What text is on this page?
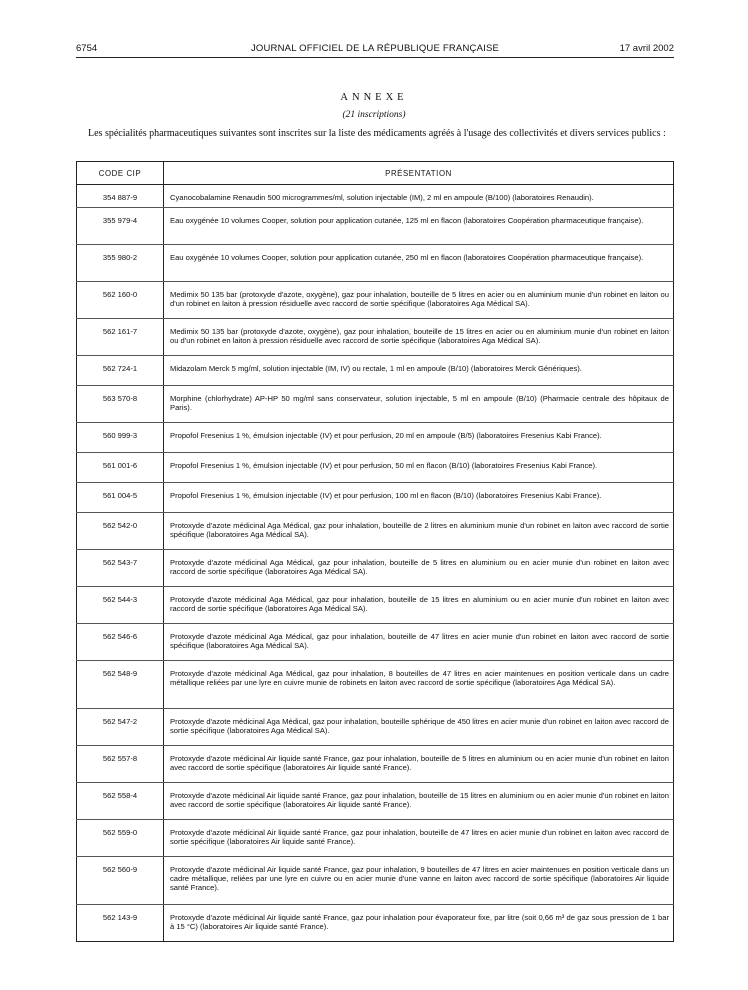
6754	JOURNAL OFFICIEL DE LA RÉPUBLIQUE FRANÇAISE	17 avril 2002
ANNEXE
(21 inscriptions)
Les spécialités pharmaceutiques suivantes sont inscrites sur la liste des médicaments agréés à l'usage des collectivités et divers services publics :
CODE CIP	PRÉSENTATION
354 887-9	Cyanocobalamine Renaudin 500 microgrammes/ml, solution injectable (IM), 2 ml en ampoule (B/100) (laboratoires Renaudin).
355 979-4	Eau oxygénée 10 volumes Cooper, solution pour application cutanée, 125 ml en flacon (laboratoires Coopération pharmaceutique française).
355 980-2	Eau oxygénée 10 volumes Cooper, solution pour application cutanée, 250 ml en flacon (laboratoires Coopération pharmaceutique française).
562 160-0	Medimix 50 135 bar (protoxyde d'azote, oxygène), gaz pour inhalation, bouteille de 5 litres en acier ou en aluminium munie d'un robinet en laiton ou d'un robinet en laiton à pression résiduelle avec raccord de sortie spécifique (laboratoires Aga Médical SA).
562 161-7	Medimix 50 135 bar (protoxyde d'azote, oxygène), gaz pour inhalation, bouteille de 15 litres en acier ou en aluminium munie d'un robinet en laiton ou d'un robinet en laiton à pression résiduelle avec raccord de sortie spécifique (laboratoires Aga Médical SA).
562 724-1	Midazolam Merck 5 mg/ml, solution injectable (IM, IV) ou rectale, 1 ml en ampoule (B/10) (laboratoires Merck Génériques).
563 570-8	Morphine (chlorhydrate) AP-HP 50 mg/ml sans conservateur, solution injectable, 5 ml en ampoule (B/10) (Pharmacie centrale des hôpitaux de Paris).
560 999-3	Propofol Fresenius 1 %, émulsion injectable (IV) et pour perfusion, 20 ml en ampoule (B/5) (laboratoires Fresenius Kabi France).
561 001-6	Propofol Fresenius 1 %, émulsion injectable (IV) et pour perfusion, 50 ml en flacon (B/10) (laboratoires Fresenius Kabi France).
561 004-5	Propofol Fresenius 1 %, émulsion injectable (IV) et pour perfusion, 100 ml en flacon (B/10) (laboratoires Fresenius Kabi France).
562 542-0	Protoxyde d'azote médicinal Aga Médical, gaz pour inhalation, bouteille de 2 litres en aluminium munie d'un robinet en laiton avec raccord de sortie spécifique (laboratoires Aga Médical SA).
562 543-7	Protoxyde d'azote médicinal Aga Médical, gaz pour inhalation, bouteille de 5 litres en aluminium ou en acier munie d'un robinet en laiton avec raccord de sortie spécifique (laboratoires Aga Médical SA).
562 544-3	Protoxyde d'azote médicinal Aga Médical, gaz pour inhalation, bouteille de 15 litres en aluminium ou en acier munie d'un robinet en laiton avec raccord de sortie spécifique (laboratoires Aga Médical SA).
562 546-6	Protoxyde d'azote médicinal Aga Médical, gaz pour inhalation, bouteille de 47 litres en acier munie d'un robinet en laiton avec raccord de sortie spécifique (laboratoires Aga Médical SA).
562 548-9	Protoxyde d'azote médicinal Aga Médical, gaz pour inhalation, 8 bouteilles de 47 litres en acier maintenues en position verticale dans un cadre métallique reliées par une lyre en cuivre munie de robinets en laiton avec raccord de sortie spécifique (laboratoires Aga Médical SA).
562 547-2	Protoxyde d'azote médicinal Aga Médical, gaz pour inhalation, bouteille sphérique de 450 litres en acier munie d'un robinet en laiton avec raccord de sortie spécifique (laboratoires Aga Médical SA).
562 557-8	Protoxyde d'azote médicinal Air liquide santé France, gaz pour inhalation, bouteille de 5 litres en aluminium ou en acier munie d'un robinet en laiton avec raccord de sortie spécifique (laboratoires Air liquide santé France).
562 558-4	Protoxyde d'azote médicinal Air liquide santé France, gaz pour inhalation, bouteille de 15 litres en aluminium ou en acier munie d'un robinet en laiton avec raccord de sortie spécifique (laboratoires Air liquide santé France).
562 559-0	Protoxyde d'azote médicinal Air liquide santé France, gaz pour inhalation, bouteille de 47 litres en acier munie d'un robinet en laiton avec raccord de sortie spécifique (laboratoires Air liquide santé France).
562 560-9	Protoxyde d'azote médicinal Air liquide santé France, gaz pour inhalation, 9 bouteilles de 47 litres en acier maintenues en position verticale dans un cadre métallique, reliées par une lyre en cuivre ou en acier munie d'une vanne en laiton avec raccord de sortie spécifique (laboratoires Air liquide santé France).
562 143-9	Protoxyde d'azote médicinal Air liquide santé France, gaz pour inhalation pour évaporateur fixe, par litre (soit 0,66 m³ de gaz sous pression de 1 bar à 15 °C) (laboratoires Air liquide santé France).
